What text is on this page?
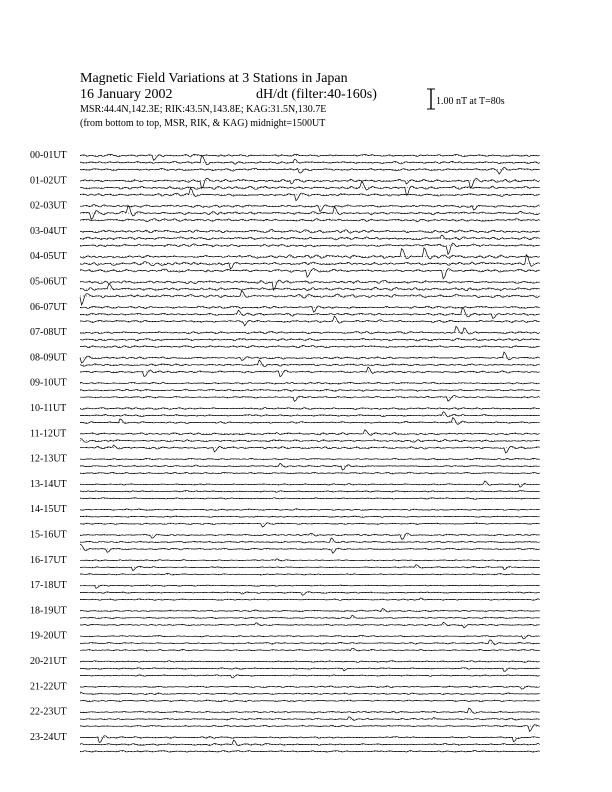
Magnetic Field Variations at 3 Stations in Japan
16 January 2002	dH/dt (filter:40-160s)
MSR:44.4N,142.3E; RIK:43.5N,143.8E; KAG:31.5N,130.7E
(from bottom to top, MSR, RIK, & KAG) midnight=1500UT
1.00 nT at T=80s
00-01UT
01-02UT
02-03UT
03-04UT
04-05UT
05-06UT
06-07UT
07-08UT
08-09UT
09-10UT
10-11UT
11-12UT
12-13UT
13-14UT
14-15UT
15-16UT
16-17UT
17-18UT
18-19UT
19-20UT
20-21UT
21-22UT
22-23UT
23-24UT
